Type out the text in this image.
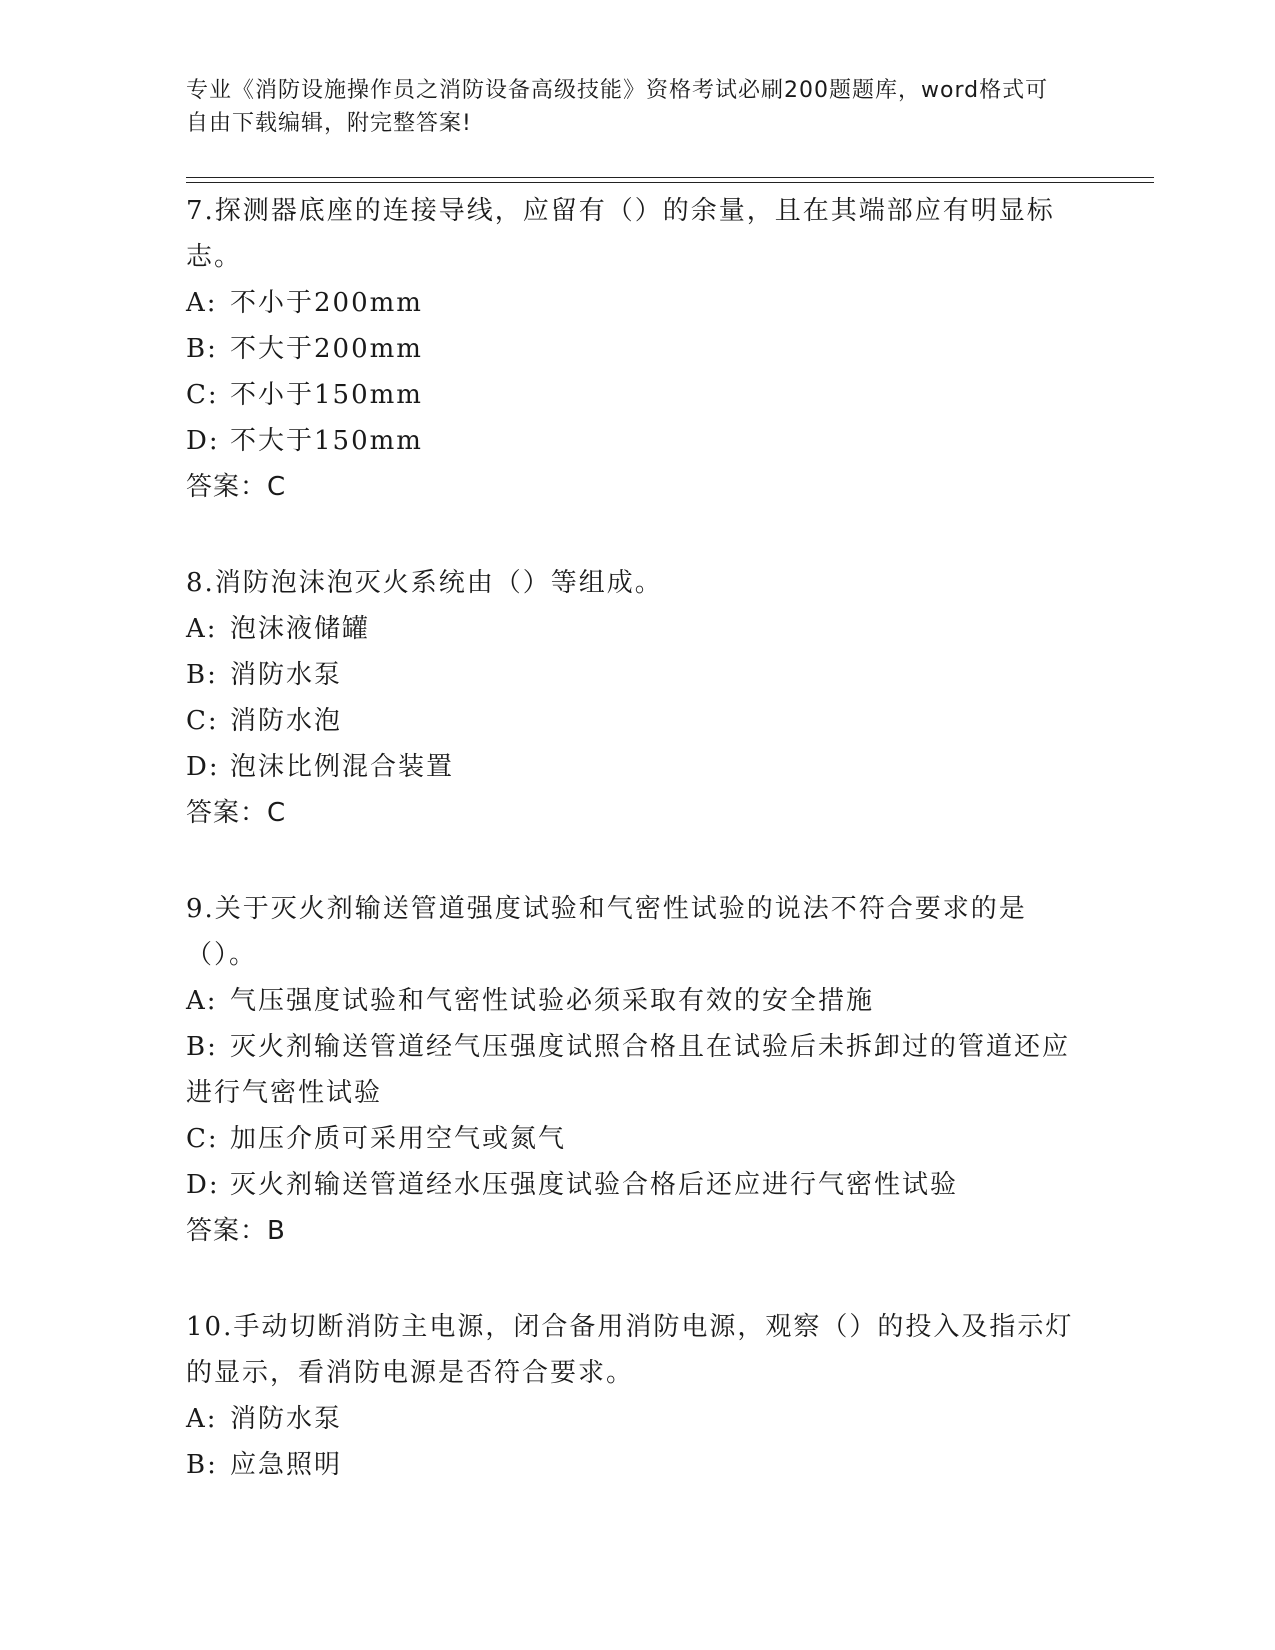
专业《消防设施操作员之消防设备高级技能》资格考试必刷200题题库，word格式可自由下载编辑，附完整答案!

7.探测器底座的连接导线，应留有（）的余量，且在其端部应有明显标志。

A: 不小于200mm

B: 不大于200mm

C: 不小于150mm

D: 不大于150mm

答案：C

8.消防泡沫泡灭火系统由（）等组成。

A: 泡沫液储罐

B: 消防水泵

C: 消防水泡

D: 泡沫比例混合装置

答案：C

9.关于灭火剂输送管道强度试验和气密性试验的说法不符合要求的是（）。

A: 气压强度试验和气密性试验必须采取有效的安全措施

B: 灭火剂输送管道经气压强度试照合格且在试验后未拆卸过的管道还应进行气密性试验

C: 加压介质可采用空气或氮气

D: 灭火剂输送管道经水压强度试验合格后还应进行气密性试验

答案：B

10.手动切断消防主电源，闭合备用消防电源，观察（）的投入及指示灯的显示，看消防电源是否符合要求。

A: 消防水泵

B: 应急照明
